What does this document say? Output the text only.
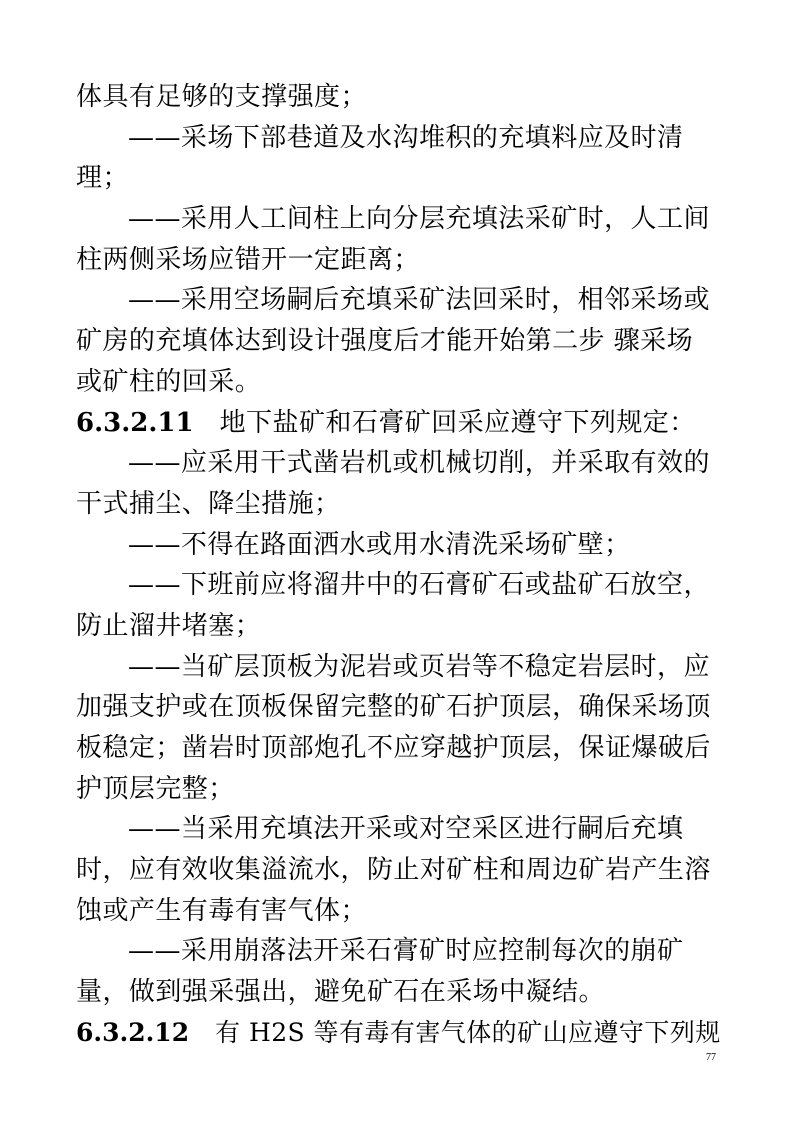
体具有足够的支撑强度；
——采场下部巷道及水沟堆积的充填料应及时清
理；
——采用人工间柱上向分层充填法采矿时，人工间
柱两侧采场应错开一定距离；
——采用空场嗣后充填采矿法回采时，相邻采场或
矿房的充填体达到设计强度后才能开始第二步 骤采场
或矿柱的回采。
6.3.2.11 地下盐矿和石膏矿回采应遵守下列规定：
——应采用干式凿岩机或机械切削，并采取有效的
干式捕尘、降尘措施；
——不得在路面洒水或用水清洗采场矿壁；
——下班前应将溜井中的石膏矿石或盐矿石放空，
防止溜井堵塞；
——当矿层顶板为泥岩或页岩等不稳定岩层时，应
加强支护或在顶板保留完整的矿石护顶层，确保采场顶
板稳定；凿岩时顶部炮孔不应穿越护顶层，保证爆破后
护顶层完整；
——当采用充填法开采或对空采区进行嗣后充填
时，应有效收集溢流水，防止对矿柱和周边矿岩产生溶
蚀或产生有毒有害气体；
——采用崩落法开采石膏矿时应控制每次的崩矿
量，做到强采强出，避免矿石在采场中凝结。
6.3.2.12 有 H2S 等有毒有害气体的矿山应遵守下列规
77
